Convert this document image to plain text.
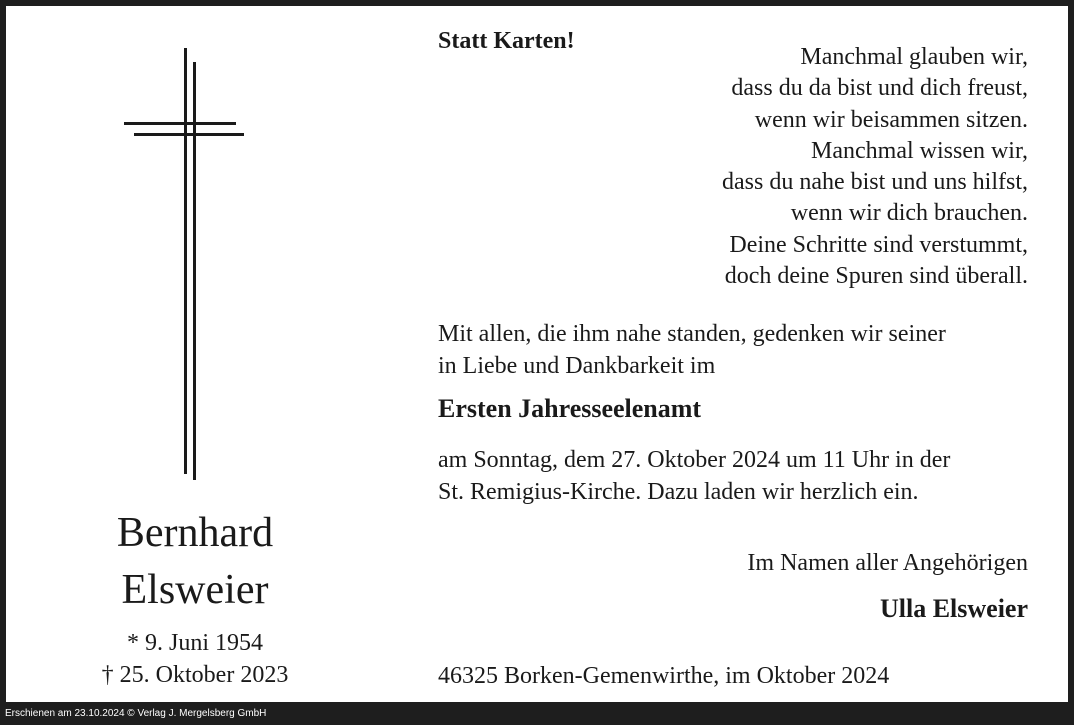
Bernhard
Elsweier
* 9. Juni 1954
† 25. Oktober 2023
Statt Karten!
Manchmal glauben wir,
dass du da bist und dich freust,
wenn wir beisammen sitzen.
Manchmal wissen wir,
dass du nahe bist und uns hilfst,
wenn wir dich brauchen.
Deine Schritte sind verstummt,
doch deine Spuren sind überall.
Mit allen, die ihm nahe standen, gedenken wir seiner
in Liebe und Dankbarkeit im
Ersten Jahresseelenamt
am Sonntag, dem 27. Oktober 2024 um 11 Uhr in der
St. Remigius-Kirche. Dazu laden wir herzlich ein.
Im Namen aller Angehörigen
Ulla Elsweier
46325 Borken-Gemenwirthe, im Oktober 2024
Erschienen am 23.10.2024 © Verlag J. Mergelsberg GmbH
